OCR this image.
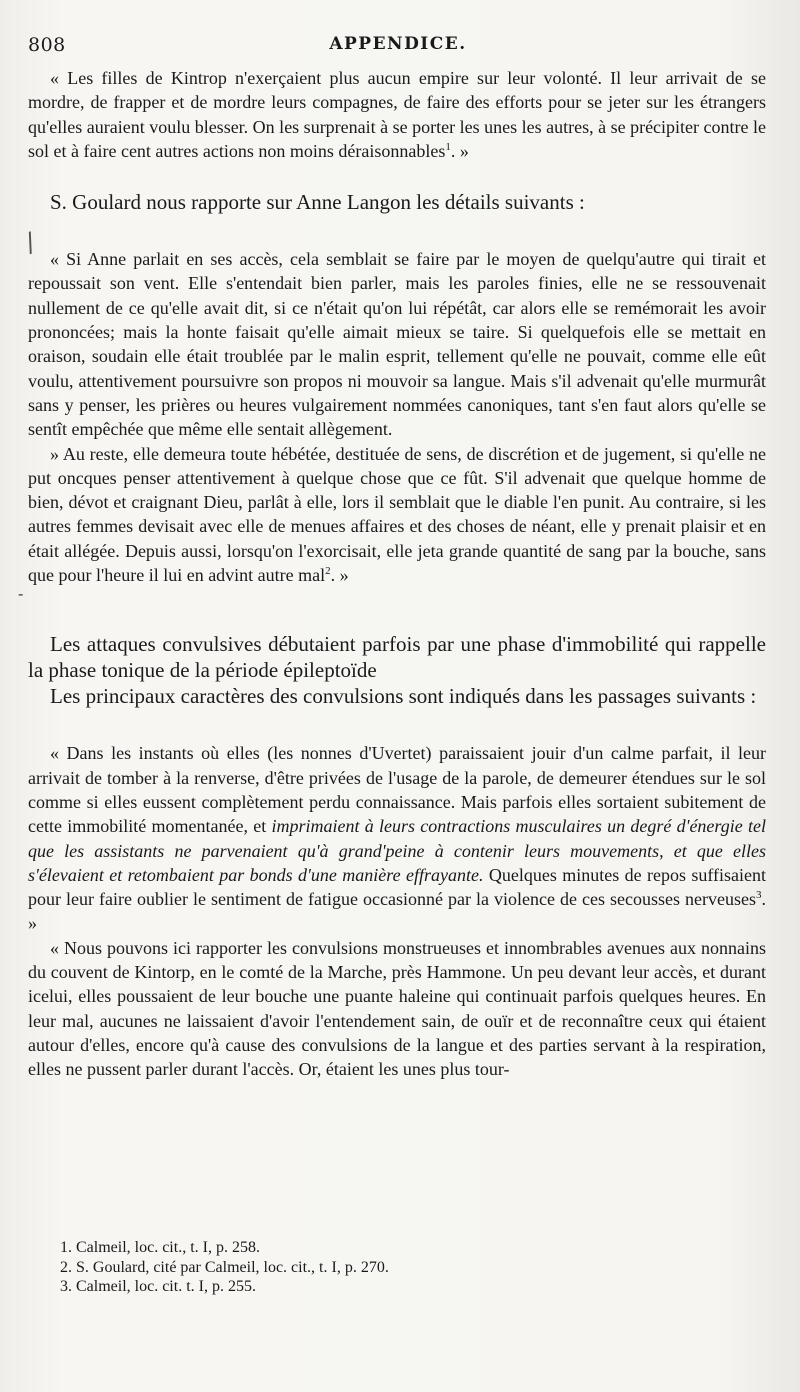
808	APPENDICE.
/
-

« Les filles de Kintrop n'exerçaient plus aucun empire sur leur volonté. Il leur arrivait de se mordre, de frapper et de mordre leurs compagnes, de faire des efforts pour se jeter sur les étrangers qu'elles auraient voulu blesser. On les surprenait à se porter les unes les autres, à se précipiter contre le sol et à faire cent autres actions non moins déraisonnables$^1$. »

S. Goulard nous rapporte sur Anne Langon les détails suivants :

« Si Anne parlait en ses accès, cela semblait se faire par le moyen de quelqu'autre qui tirait et repoussait son vent. Elle s'entendait bien parler, mais les paroles finies, elle ne se ressouvenait nullement de ce qu'elle avait dit, si ce n'était qu'on lui répétât, car alors elle se remémorait les avoir prononcées; mais la honte faisait qu'elle aimait mieux se taire. Si quelquefois elle se mettait en oraison, soudain elle était troublée par le malin esprit, tellement qu'elle ne pouvait, comme elle eût voulu, attentivement poursuivre son propos ni mouvoir sa langue. Mais s'il advenait qu'elle murmurât sans y penser, les prières ou heures vulgairement nommées canoniques, tant s'en faut alors qu'elle se sentît empêchée que même elle sentait allègement.

» Au reste, elle demeura toute hébétée, destituée de sens, de discrétion et de jugement, si qu'elle ne put oncques penser attentivement à quelque chose que ce fût. S'il advenait que quelque homme de bien, dévot et craignant Dieu, parlât à elle, lors il semblait que le diable l'en punit. Au contraire, si les autres femmes devisait avec elle de menues affaires et des choses de néant, elle y prenait plaisir et en était allégée. Depuis aussi, lorsqu'on l'exorcisait, elle jeta grande quantité de sang par la bouche, sans que pour l'heure il lui en advint autre mal$^2$. »

Les attaques convulsives débutaient parfois par une phase d'immobilité qui rappelle la phase tonique de la période épileptoïde

Les principaux caractères des convulsions sont indiqués dans les passages suivants :

« Dans les instants où elles (les nonnes d'Uvertet) paraissaient jouir d'un calme parfait, il leur arrivait de tomber à la renverse, d'être privées de l'usage de la parole, de demeurer étendues sur le sol comme si elles eussent complètement perdu connaissance. Mais parfois elles sortaient subitement de cette immobilité momentanée, et imprimaient à leurs contractions musculaires un degré d'énergie tel que les assistants ne parvenaient qu'à grand'peine à contenir leurs mouvements, et que elles s'élevaient et retombaient par bonds d'une manière effrayante. Quelques minutes de repos suffisaient pour leur faire oublier le sentiment de fatigue occasionné par la violence de ces secousses nerveuses$^3$. »

« Nous pouvons ici rapporter les convulsions monstrueuses et innombrables avenues aux nonnains du couvent de Kintorp, en le comté de la Marche, près Hammone. Un peu devant leur accès, et durant icelui, elles poussaient de leur bouche une puante haleine qui continuait parfois quelques heures. En leur mal, aucunes ne laissaient d'avoir l'entendement sain, de ouïr et de reconnaître ceux qui étaient autour d'elles, encore qu'à cause des convulsions de la langue et des parties servant à la respiration, elles ne pussent parler durant l'accès. Or, étaient les unes plus tour-

1. Calmeil, loc. cit., t. I, p. 258.
2. S. Goulard, cité par Calmeil, loc. cit., t. I, p. 270.
3. Calmeil, loc. cit. t. I, p. 255.
